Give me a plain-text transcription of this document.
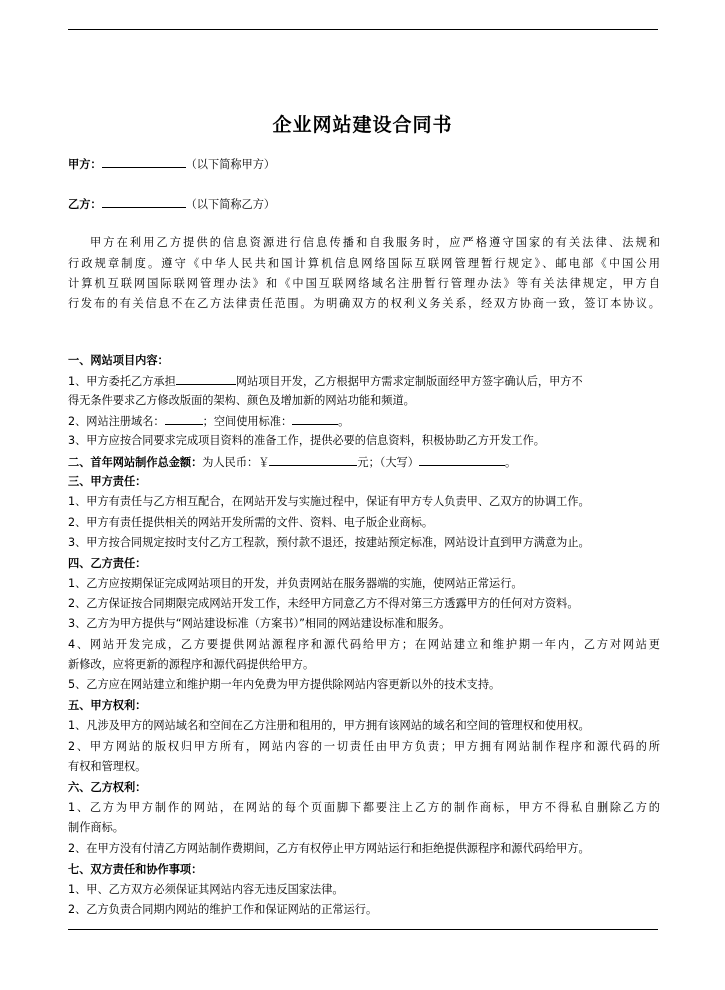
企业网站建设合同书
甲方：	（以下简称甲方）
乙方：	（以下简称乙方）
甲方在利用乙方提供的信息资源进行信息传播和自我服务时，应严格遵守国家的有关法律、法规和
行政规章制度。遵守《中华人民共和国计算机信息网络国际互联网管理暂行规定》、邮电部《中国公用
计算机互联网国际联网管理办法》和《中国互联网络域名注册暂行管理办法》等有关法律规定，甲方自
行发布的有关信息不在乙方法律责任范围。为明确双方的权利义务关系，经双方协商一致，签订本协议。
一、网站项目内容：
1、甲方委托乙方承担	网站项目开发，乙方根据甲方需求定制版面经甲方签字确认后，甲方不
得无条件要求乙方修改版面的架构、颜色及增加新的网站功能和频道。
2、网站注册域名：	；空间使用标准：	。
3、甲方应按合同要求完成项目资料的准备工作，提供必要的信息资料，积极协助乙方开发工作。
二、首年网站制作总金额：为人民币：￥	元；（大写）	。
三、甲方责任：
1、甲方有责任与乙方相互配合，在网站开发与实施过程中，保证有甲方专人负责甲、乙双方的协调工作。
2、甲方有责任提供相关的网站开发所需的文件、资料、电子版企业商标。
3、甲方按合同规定按时支付乙方工程款，预付款不退还，按建站预定标准，网站设计直到甲方满意为止。
四、乙方责任：
1、乙方应按期保证完成网站项目的开发，并负责网站在服务器端的实施，使网站正常运行。
2、乙方保证按合同期限完成网站开发工作，未经甲方同意乙方不得对第三方透露甲方的任何对方资料。
3、乙方为甲方提供与“网站建设标准（方案书）”相同的网站建设标准和服务。
4、网站开发完成，乙方要提供网站源程序和源代码给甲方；在网站建立和维护期一年内，乙方对网站更
新修改，应将更新的源程序和源代码提供给甲方。
5、乙方应在网站建立和维护期一年内免费为甲方提供除网站内容更新以外的技术支持。
五、甲方权利：
1、凡涉及甲方的网站域名和空间在乙方注册和租用的，甲方拥有该网站的域名和空间的管理权和使用权。
2、甲方网站的版权归甲方所有，网站内容的一切责任由甲方负责；甲方拥有网站制作程序和源代码的所
有权和管理权。
六、乙方权利：
1、乙方为甲方制作的网站，在网站的每个页面脚下都要注上乙方的制作商标，甲方不得私自删除乙方的
制作商标。
2、在甲方没有付清乙方网站制作费期间，乙方有权停止甲方网站运行和拒绝提供源程序和源代码给甲方。
七、双方责任和协作事项：
1、甲、乙方双方必须保证其网站内容无违反国家法律。
2、乙方负责合同期内网站的维护工作和保证网站的正常运行。
